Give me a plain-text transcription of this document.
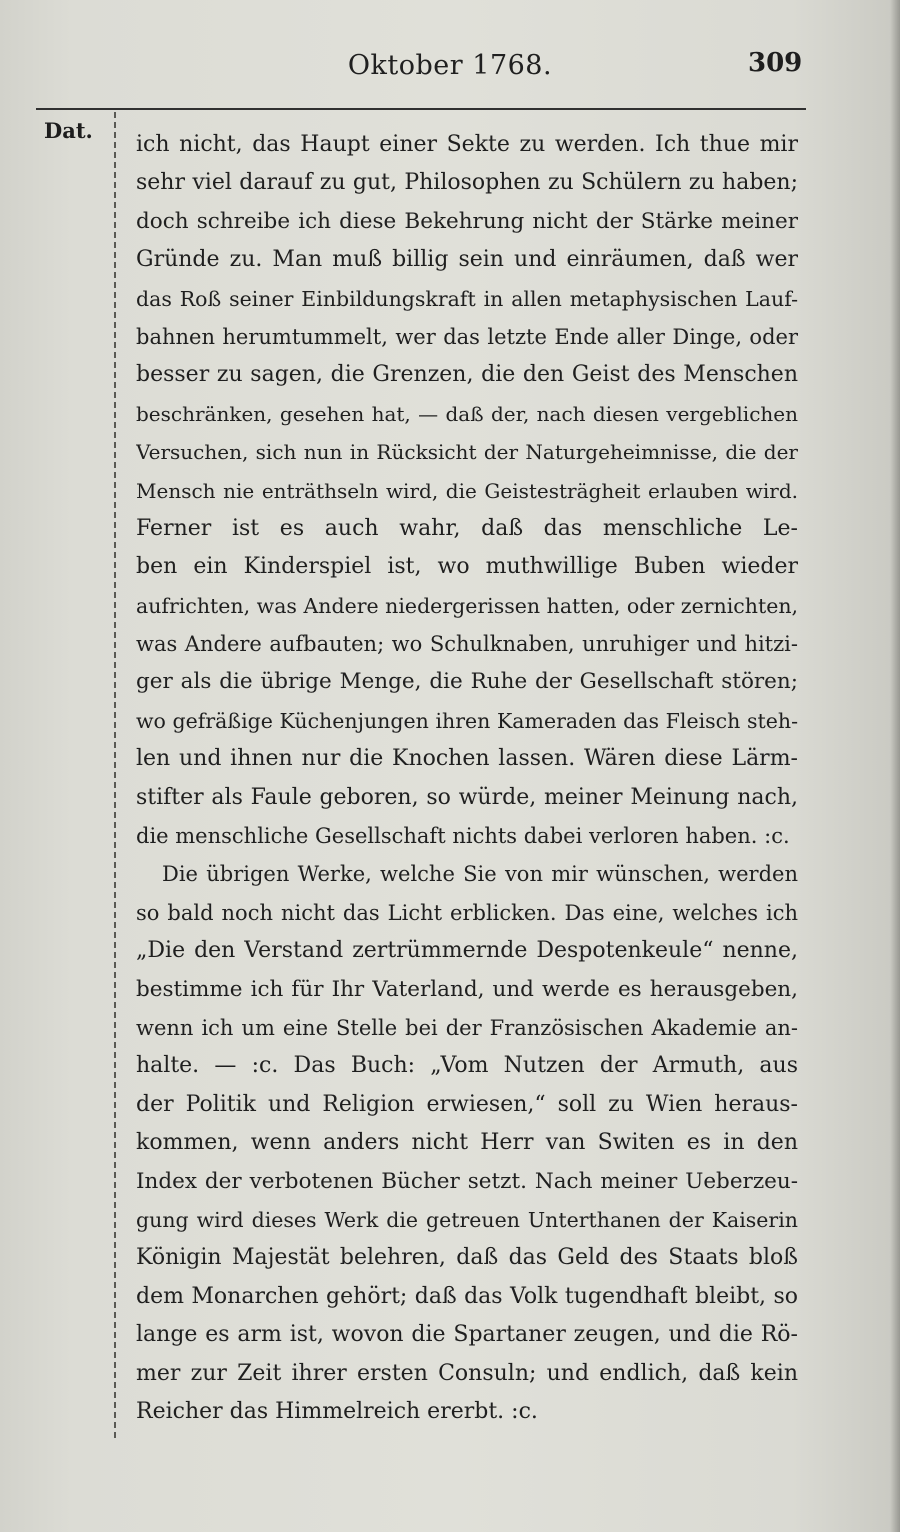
Oktober 1768.	309
Dat.
ich nicht, das Haupt einer Sekte zu werden. Ich thue mir
sehr viel darauf zu gut, Philosophen zu Schülern zu haben;
doch schreibe ich diese Bekehrung nicht der Stärke meiner
Gründe zu. Man muß billig sein und einräumen, daß wer
das Roß seiner Einbildungskraft in allen metaphysischen Lauf-
bahnen herumtummelt, wer das letzte Ende aller Dinge, oder
besser zu sagen, die Grenzen, die den Geist des Menschen
beschränken, gesehen hat, — daß der, nach diesen vergeblichen
Versuchen, sich nun in Rücksicht der Naturgeheimnisse, die der
Mensch nie enträthseln wird, die Geistesträgheit erlauben wird.
Ferner ist es auch wahr, daß das menschliche Le-
ben ein Kinderspiel ist, wo muthwillige Buben wieder
aufrichten, was Andere niedergerissen hatten, oder zernichten,
was Andere aufbauten; wo Schulknaben, unruhiger und hitzi-
ger als die übrige Menge, die Ruhe der Gesellschaft stören;
wo gefräßige Küchenjungen ihren Kameraden das Fleisch steh-
len und ihnen nur die Knochen lassen. Wären diese Lärm-
stifter als Faule geboren, so würde, meiner Meinung nach,
die menschliche Gesellschaft nichts dabei verloren haben. :c.
Die übrigen Werke, welche Sie von mir wünschen, werden
so bald noch nicht das Licht erblicken. Das eine, welches ich
„Die den Verstand zertrümmernde Despotenkeule“ nenne,
bestimme ich für Ihr Vaterland, und werde es herausgeben,
wenn ich um eine Stelle bei der Französischen Akademie an-
halte. — :c. Das Buch: „Vom Nutzen der Armuth, aus
der Politik und Religion erwiesen,“ soll zu Wien heraus-
kommen, wenn anders nicht Herr van Switen es in den
Index der verbotenen Bücher setzt. Nach meiner Ueberzeu-
gung wird dieses Werk die getreuen Unterthanen der Kaiserin
Königin Majestät belehren, daß das Geld des Staats bloß
dem Monarchen gehört; daß das Volk tugendhaft bleibt, so
lange es arm ist, wovon die Spartaner zeugen, und die Rö-
mer zur Zeit ihrer ersten Consuln; und endlich, daß kein
Reicher das Himmelreich ererbt. :c.
